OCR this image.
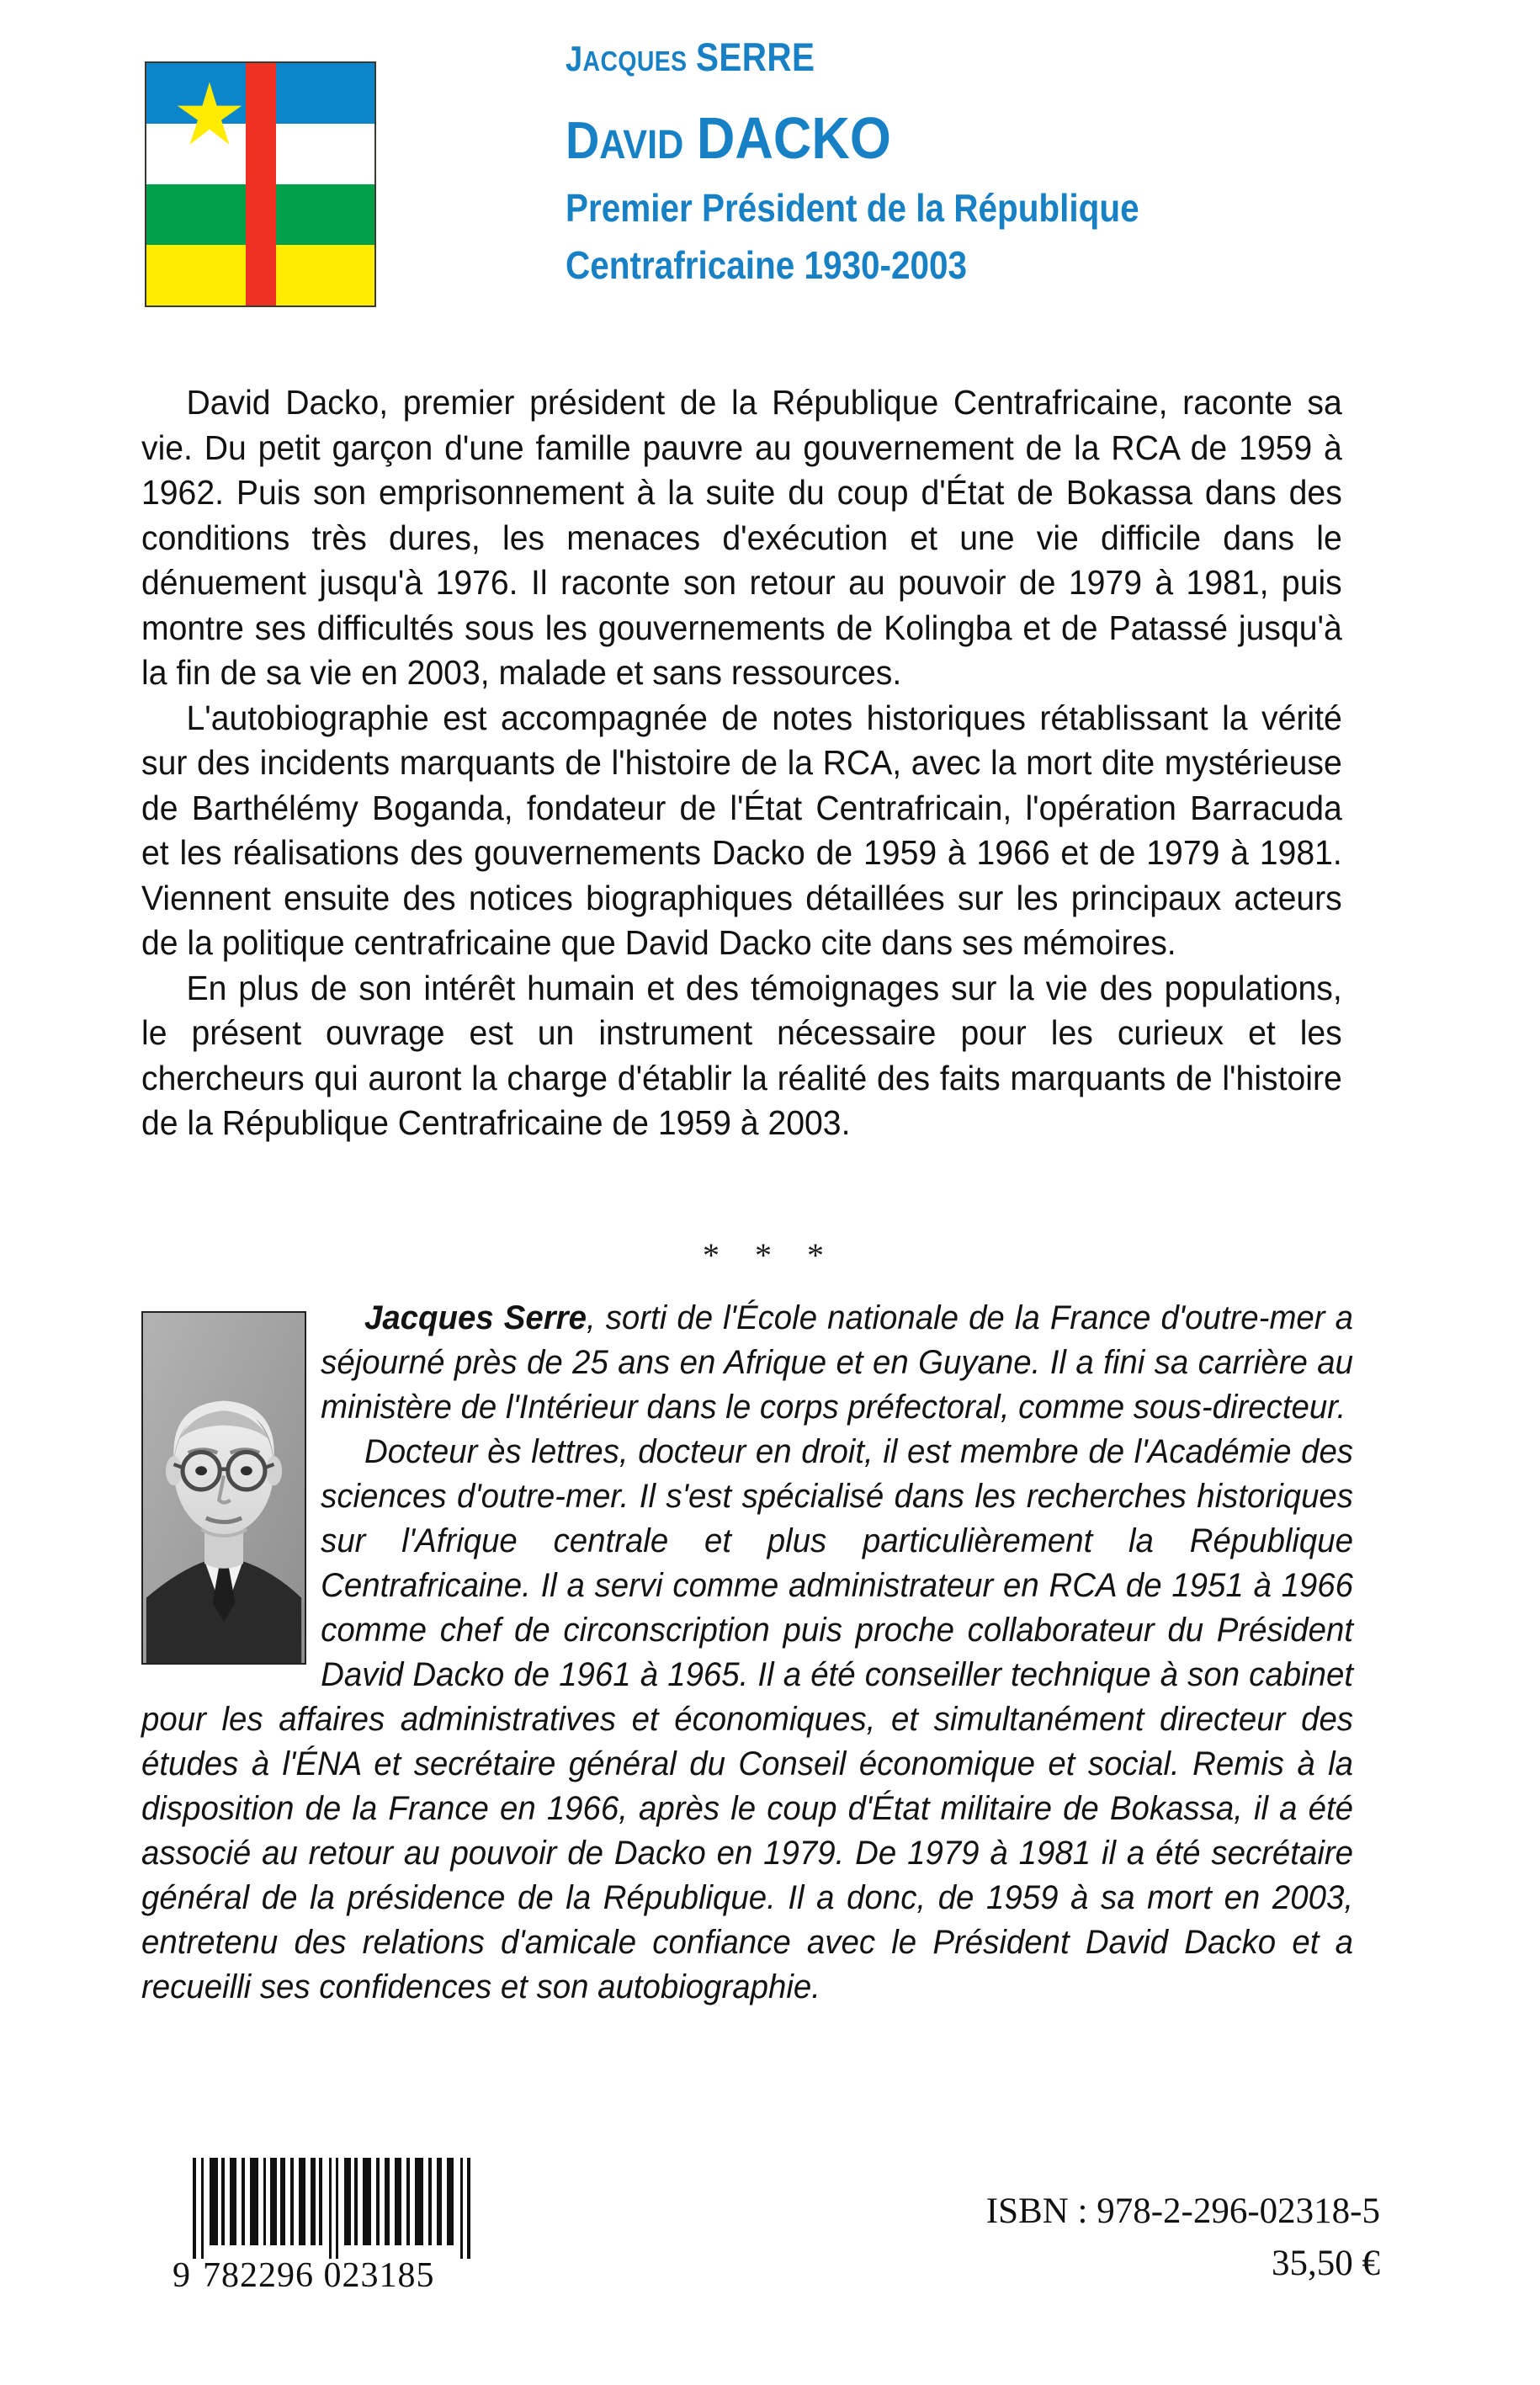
JACQUES SERRE
DAVID DACKO
Premier Président de la République
Centrafricaine 1930-2003

David Dacko, premier président de la République Centrafricaine, raconte sa vie. Du petit garçon d'une famille pauvre au gouvernement de la RCA de 1959 à 1962. Puis son emprisonnement à la suite du coup d'État de Bokassa dans des conditions très dures, les menaces d'exécution et une vie difficile dans le dénuement jusqu'à 1976. Il raconte son retour au pouvoir de 1979 à 1981, puis montre ses difficultés sous les gouvernements de Kolingba et de Patassé jusqu'à la fin de sa vie en 2003, malade et sans ressources.

L'autobiographie est accompagnée de notes historiques rétablissant la vérité sur des incidents marquants de l'histoire de la RCA, avec la mort dite mystérieuse de Barthélémy Boganda, fondateur de l'État Centrafricain, l'opération Barracuda et les réalisations des gouvernements Dacko de 1959 à 1966 et de 1979 à 1981. Viennent ensuite des notices biographiques détaillées sur les principaux acteurs de la politique centrafricaine que David Dacko cite dans ses mémoires.

En plus de son intérêt humain et des témoignages sur la vie des populations, le présent ouvrage est un instrument nécessaire pour les curieux et les chercheurs qui auront la charge d'établir la réalité des faits marquants de l'histoire de la République Centrafricaine de 1959 à 2003.

* * *

Jacques Serre, sorti de l'École nationale de la France d'outre-mer a séjourné près de 25 ans en Afrique et en Guyane. Il a fini sa carrière au ministère de l'Intérieur dans le corps préfectoral, comme sous-directeur.

Docteur ès lettres, docteur en droit, il est membre de l'Académie des sciences d'outre-mer. Il s'est spécialisé dans les recherches historiques sur l'Afrique centrale et plus particulièrement la République Centrafricaine. Il a servi comme administrateur en RCA de 1951 à 1966 comme chef de circonscription puis proche collaborateur du Président David Dacko de 1961 à 1965. Il a été conseiller technique à son cabinet pour les affaires administratives et économiques, et simultanément directeur des études à l'ÉNA et secrétaire général du Conseil économique et social. Remis à la disposition de la France en 1966, après le coup d'État militaire de Bokassa, il a été associé au retour au pouvoir de Dacko en 1979. De 1979 à 1981 il a été secrétaire général de la présidence de la République. Il a donc, de 1959 à sa mort en 2003, entretenu des relations d'amicale confiance avec le Président David Dacko et a recueilli ses confidences et son autobiographie.

9 782296 023185
ISBN : 978-2-296-02318-5
35,50 €
